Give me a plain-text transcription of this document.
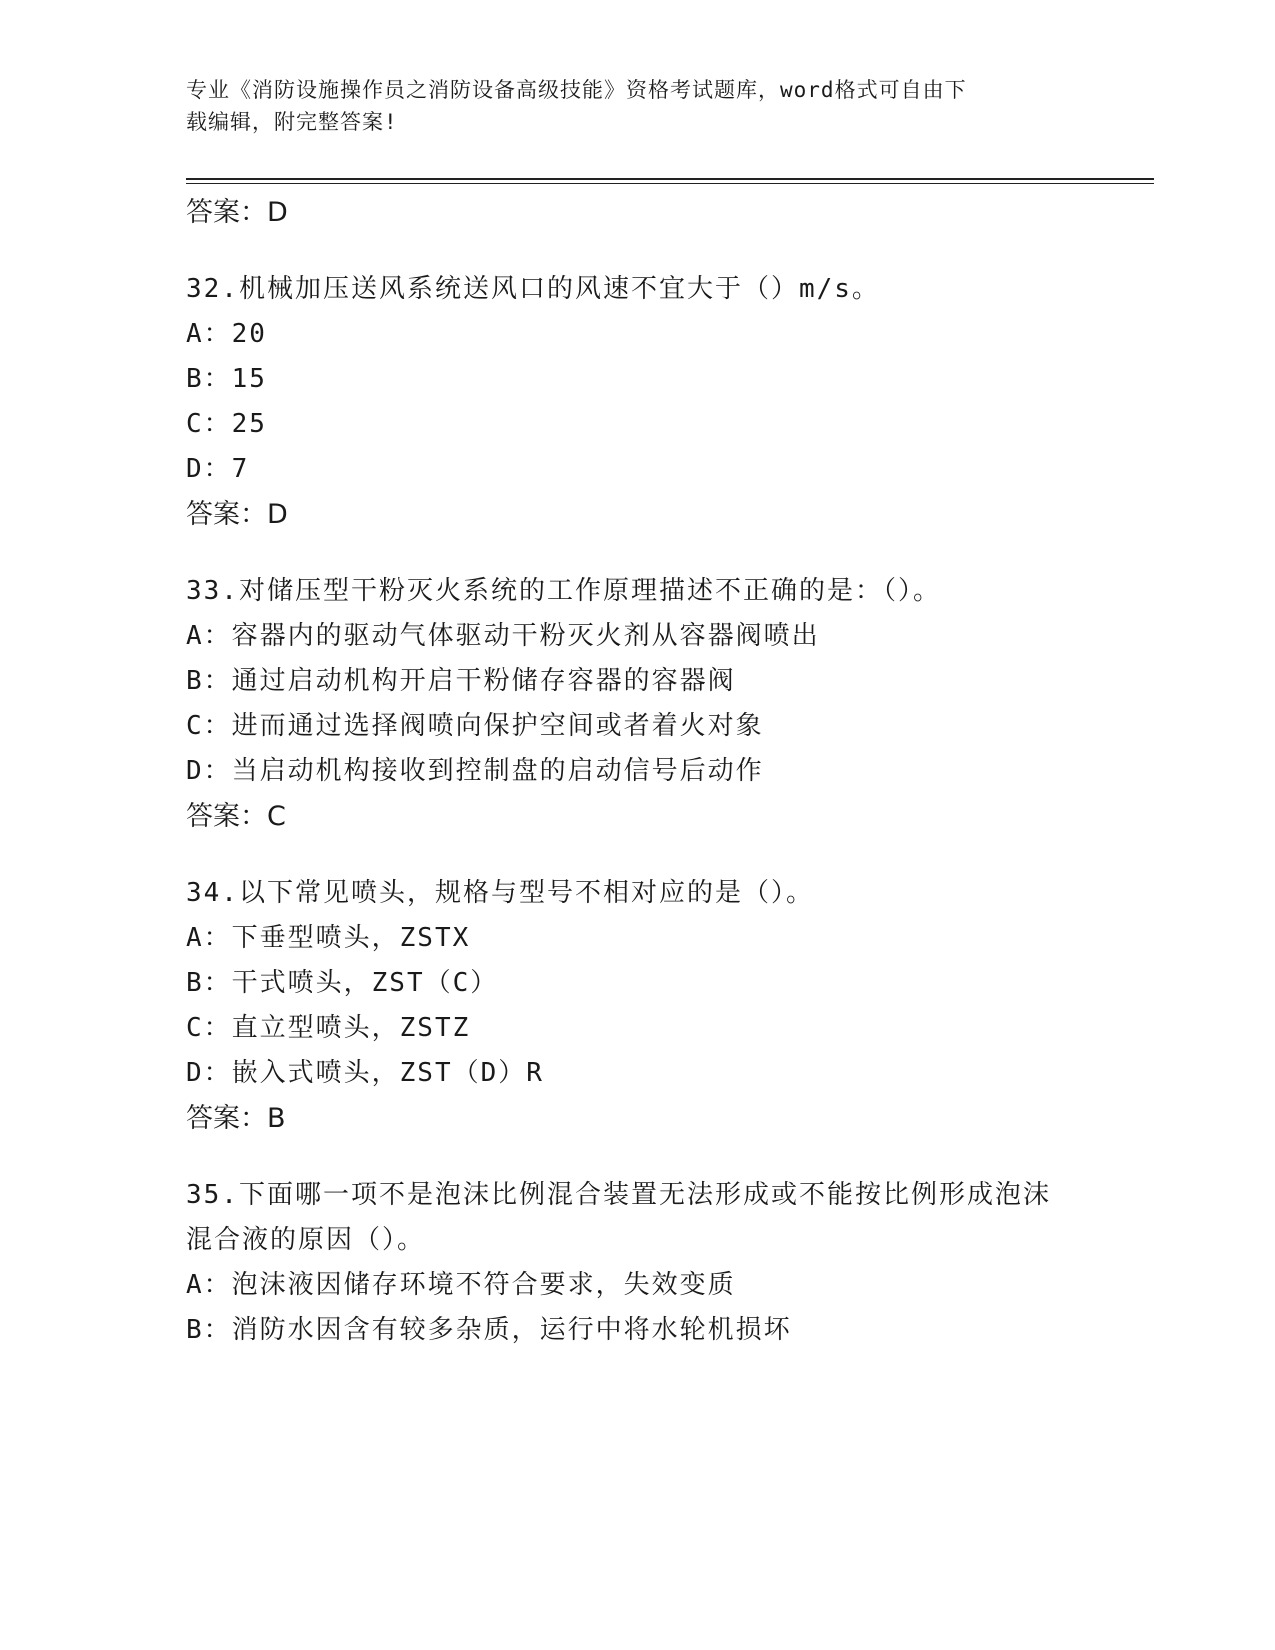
专业《消防设施操作员之消防设备高级技能》资格考试题库，word格式可自由下
载编辑，附完整答案!

答案：D

32.机械加压送风系统送风口的风速不宜大于（）m/s。

A：20

B：15

C：25

D：7

答案：D

33.对储压型干粉灭火系统的工作原理描述不正确的是：（）。

A：容器内的驱动气体驱动干粉灭火剂从容器阀喷出

B：通过启动机构开启干粉储存容器的容器阀

C：进而通过选择阀喷向保护空间或者着火对象

D：当启动机构接收到控制盘的启动信号后动作

答案：C

34.以下常见喷头，规格与型号不相对应的是（）。

A：下垂型喷头，ZSTX

B：干式喷头，ZST（C）

C：直立型喷头，ZSTZ

D：嵌入式喷头，ZST（D）R

答案：B

35.下面哪一项不是泡沫比例混合装置无法形成或不能按比例形成泡沫

混合液的原因（）。

A：泡沫液因储存环境不符合要求，失效变质

B：消防水因含有较多杂质，运行中将水轮机损坏
